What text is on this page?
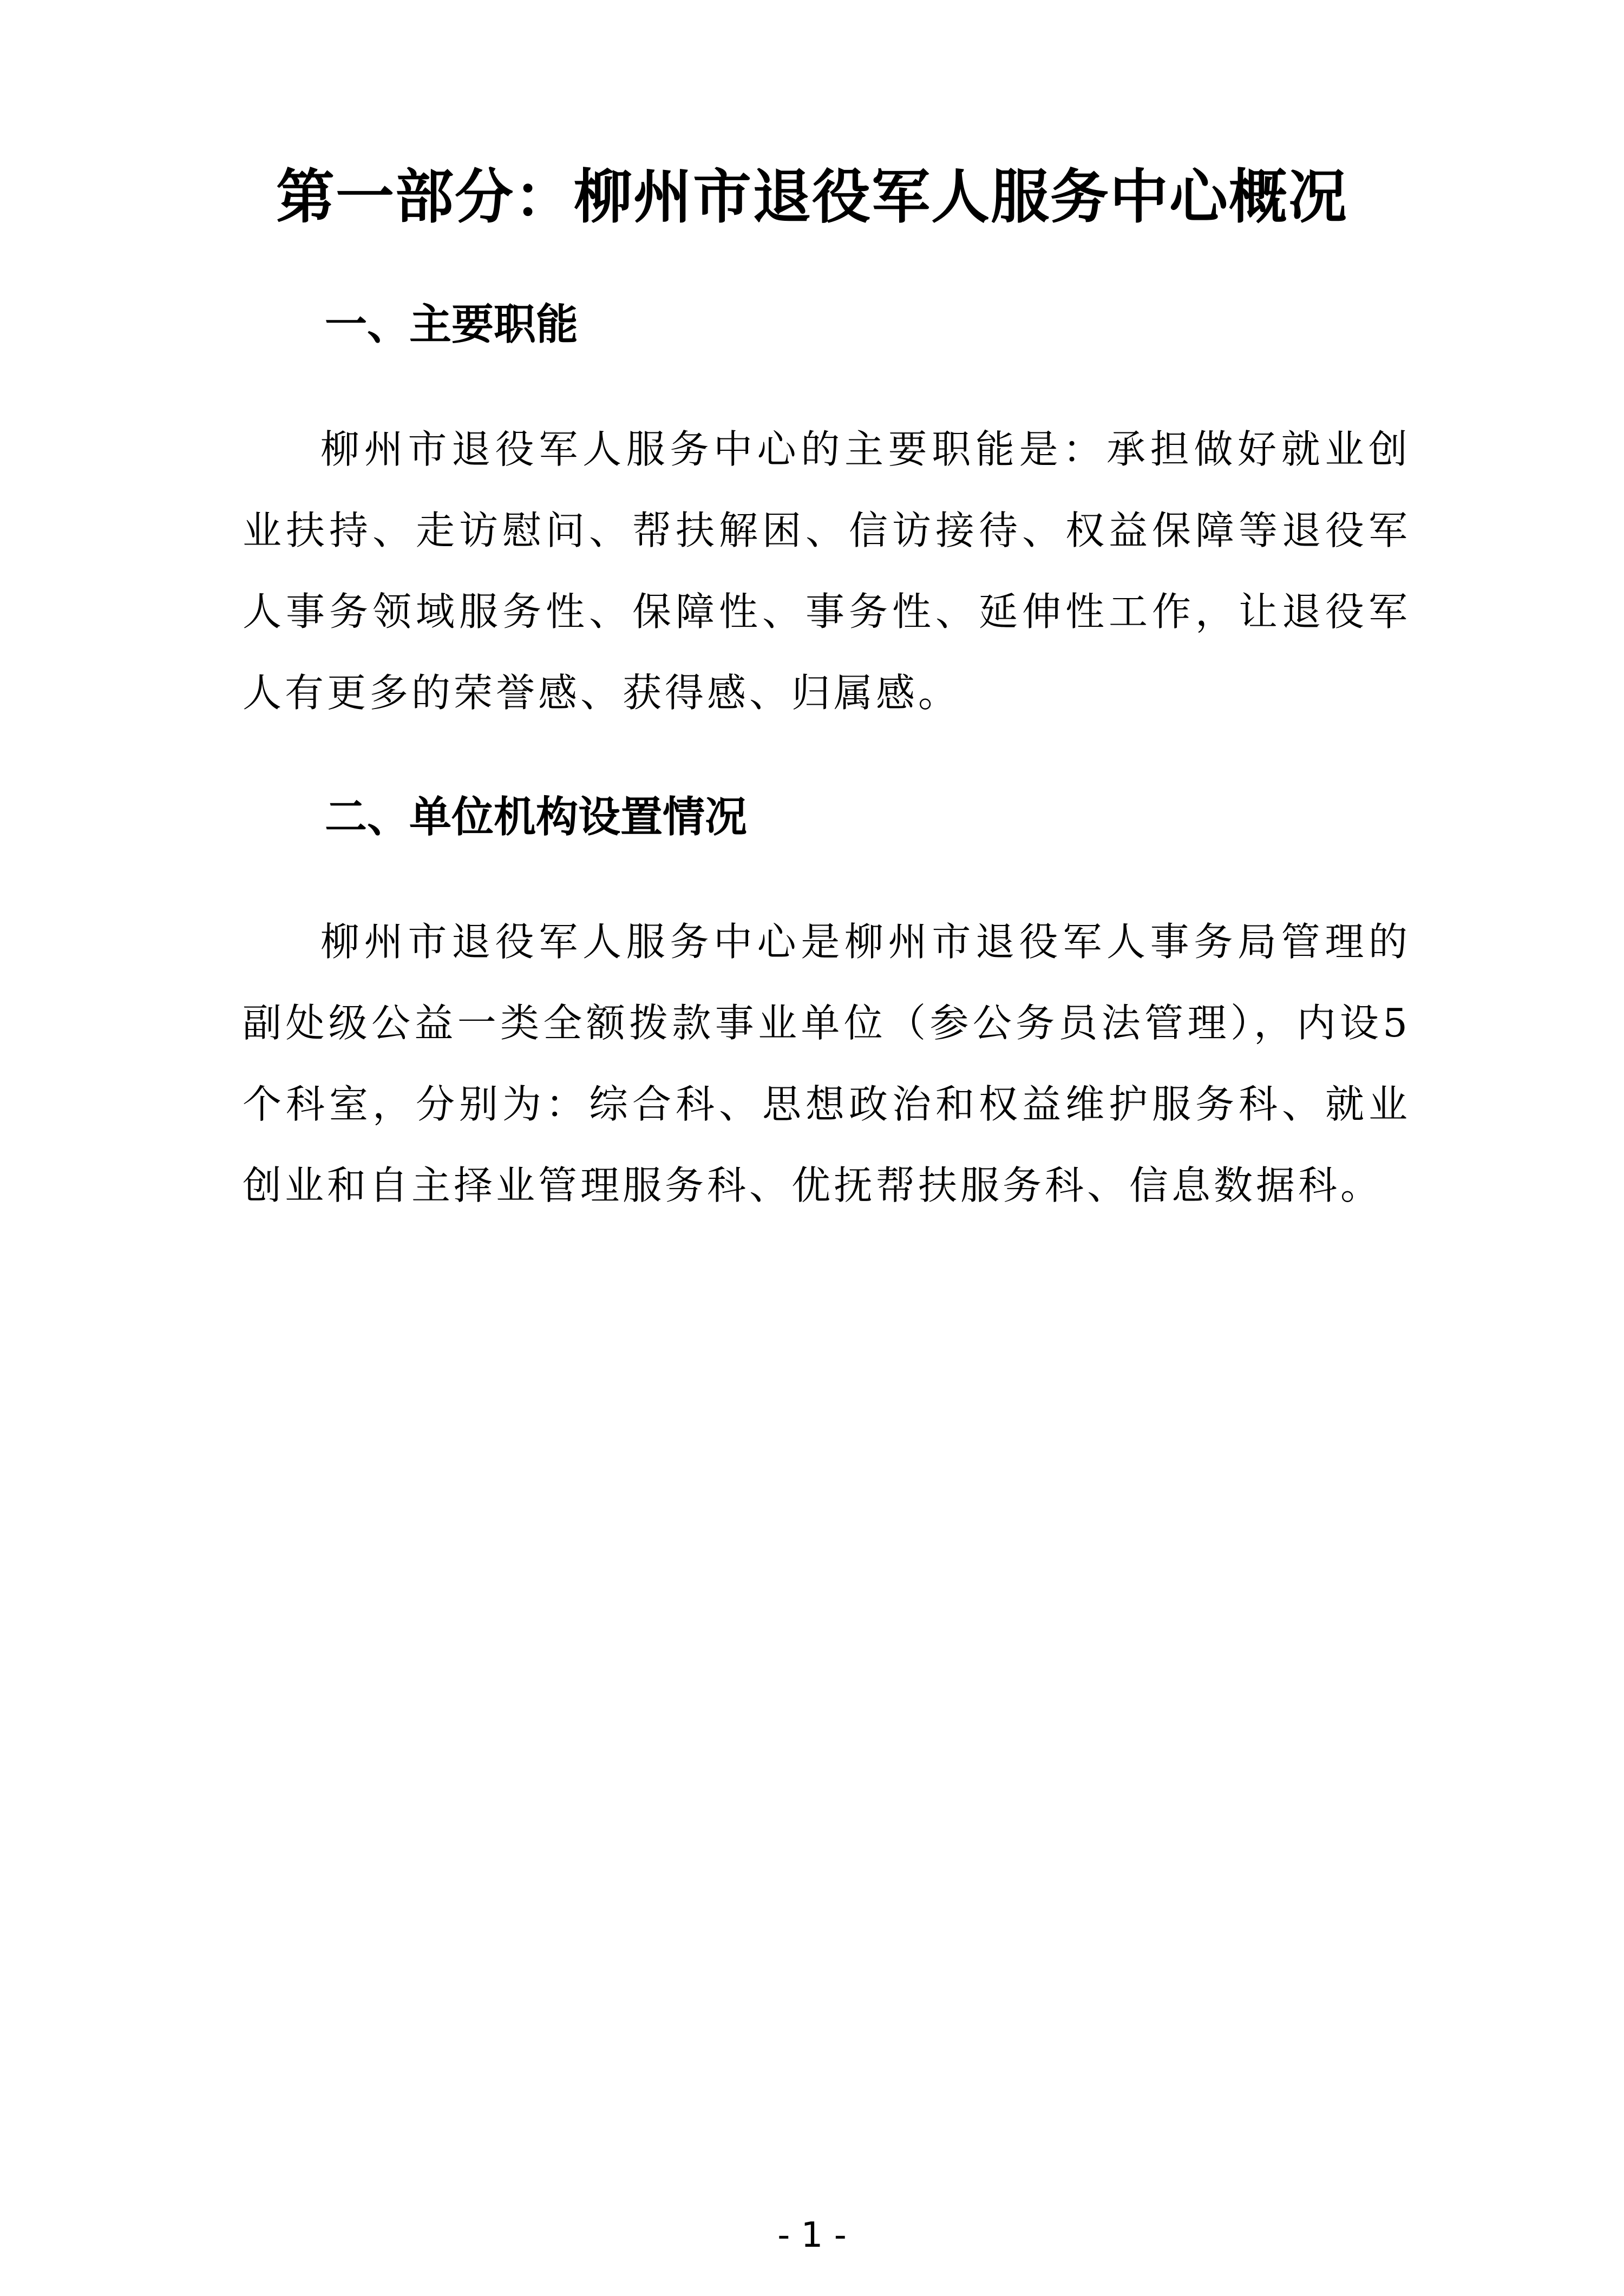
第一部分：柳州市退役军人服务中心概况
一、主要职能

柳州市退役军人服务中心的主要职能是：承担做好就业创业扶持、走访慰问、帮扶解困、信访接待、权益保障等退役军人事务领域服务性、保障性、事务性、延伸性工作，让退役军人有更多的荣誉感、获得感、归属感。

二、单位机构设置情况

柳州市退役军人服务中心是柳州市退役军人事务局管理的副处级公益一类全额拨款事业单位（参公务员法管理），内设5个科室，分别为：综合科、思想政治和权益维护服务科、就业创业和自主择业管理服务科、优抚帮扶服务科、信息数据科。

- 1 -
